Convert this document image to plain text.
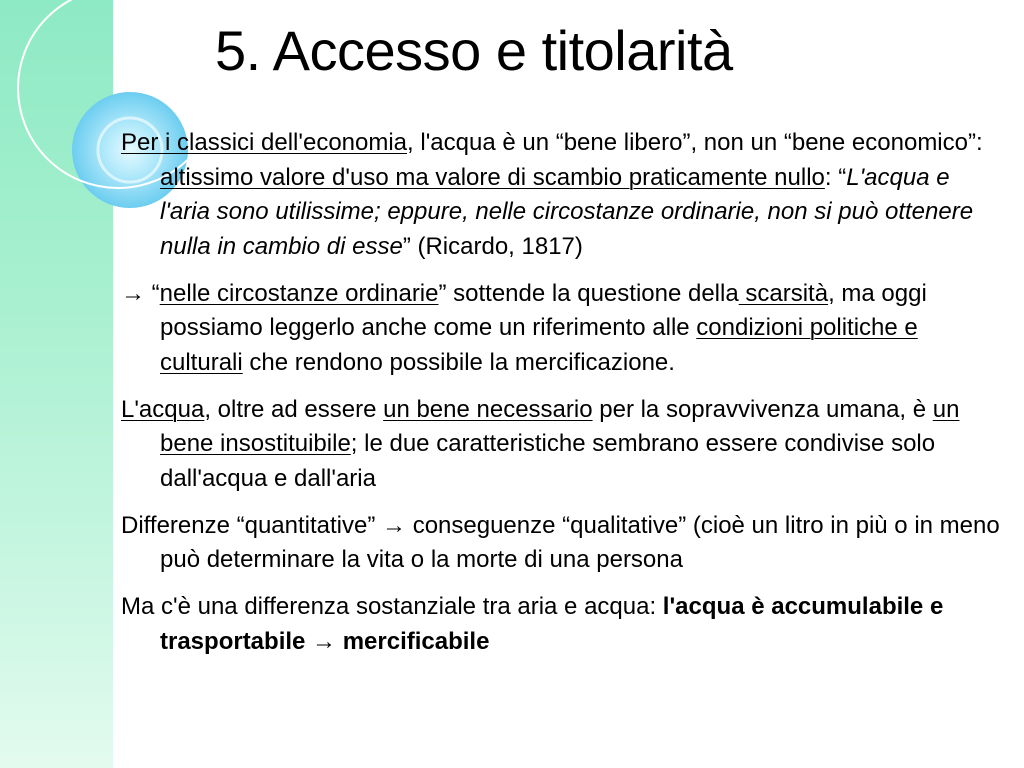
5. Accesso e titolarità

Per i classici dell'economia, l'acqua è un “bene libero”, non un “bene economico”: altissimo valore d'uso ma valore di scambio praticamente nullo: “L'acqua e l'aria sono utilissime; eppure, nelle circostanze ordinarie, non si può ottenere nulla in cambio di esse” (Ricardo, 1817)

→ “nelle circostanze ordinarie” sottende la questione della scarsità, ma oggi possiamo leggerlo anche come un riferimento alle condizioni politiche e culturali che rendono possibile la mercificazione.

L'acqua, oltre ad essere un bene necessario per la sopravvivenza umana, è un bene insostituibile; le due caratteristiche sembrano essere condivise solo dall'acqua e dall'aria

Differenze “quantitative” → conseguenze “qualitative” (cioè un litro in più o in meno può determinare la vita o la morte di una persona

Ma c'è una differenza sostanziale tra aria e acqua: l'acqua è accumulabile e trasportabile → mercificabile
